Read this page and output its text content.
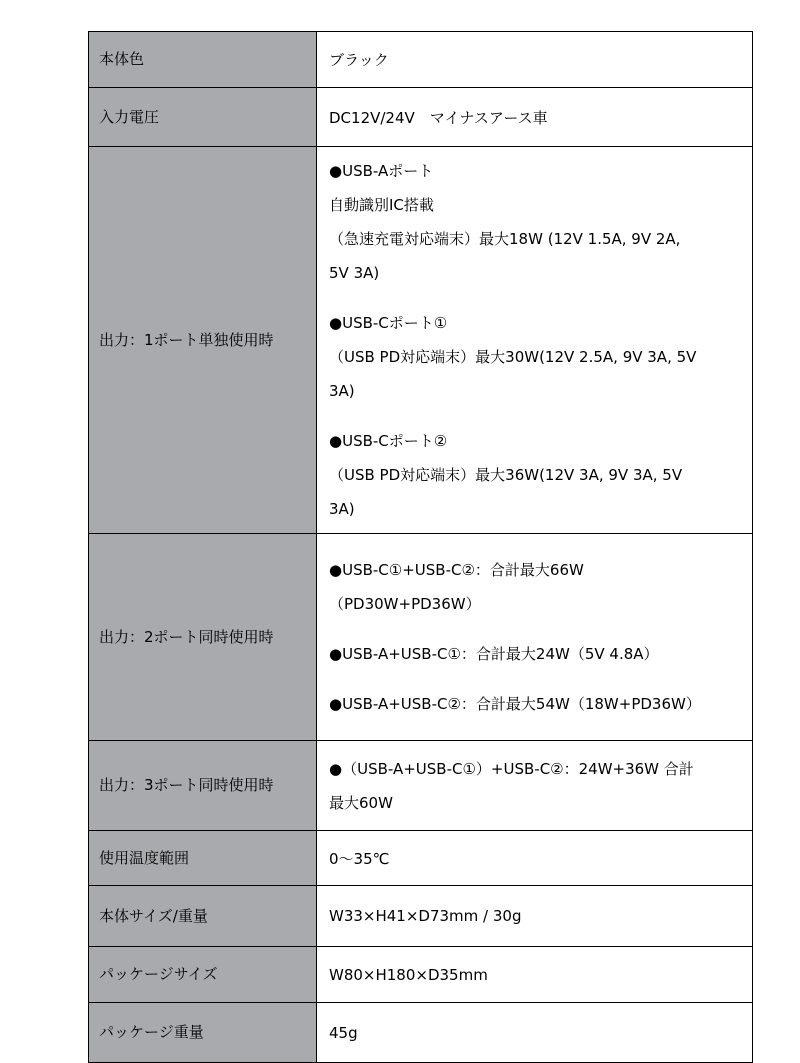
本体色	ブラック
入力電圧	DC12V/24V　マイナスアース車
出力：1ポート単独使用時	
●USB-Aポート
自動識別IC搭載
（急速充電対応端末）最大18W (12V 1.5A, 9V 2A,
5V 3A)
●USB-Cポート①
（USB PD対応端末）最大30W(12V 2.5A, 9V 3A, 5V
3A)
●USB-Cポート②
（USB PD対応端末）最大36W(12V 3A, 9V 3A, 5V
3A)

出力：2ポート同時使用時	●USB-C①+USB-C②：合計最大66W
（PD30W+PD36W）
●USB-A+USB-C①：合計最大24W（5V 4.8A）
●USB-A+USB-C②：合計最大54W（18W+PD36W）

出力：3ポート同時使用時	●（USB-A+USB-C①）+USB-C②：24W+36W 合計
最大60W

使用温度範囲	0～35℃
本体サイズ/重量	W33×H41×D73mm / 30g
パッケージサイズ	W80×H180×D35mm
パッケージ重量	45g
